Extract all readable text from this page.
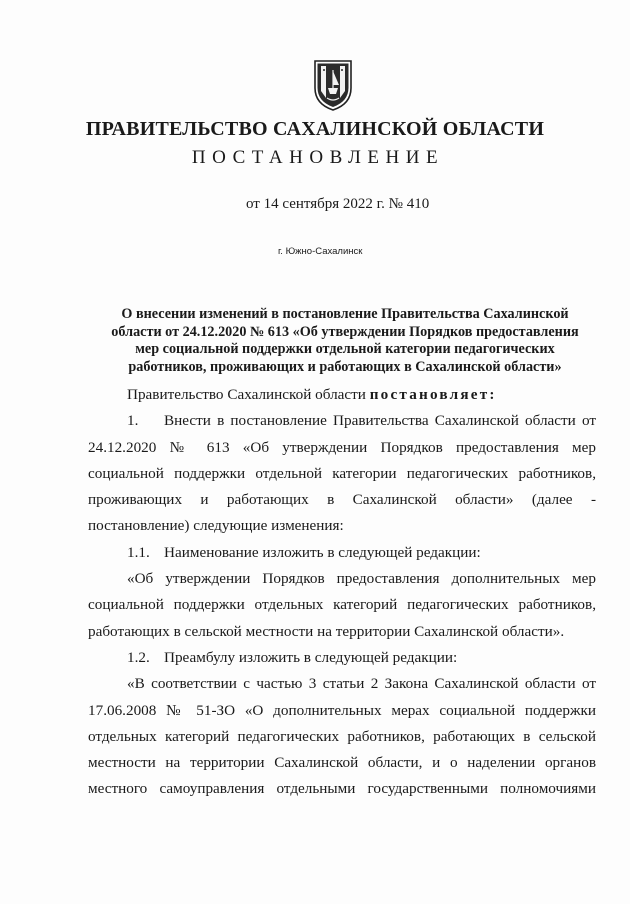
ПРАВИТЕЛЬСТВО САХАЛИНСКОЙ ОБЛАСТИ
ПОСТАНОВЛЕНИЕ
от 14 сентября 2022 г. № 410
г. Южно-Сахалинск
О внесении изменений в постановление Правительства Сахалинской
области от 24.12.2020 № 613 «Об утверждении Порядков предоставления
мер социальной поддержки отдельной категории педагогических
работников, проживающих и работающих в Сахалинской области»
Правительство Сахалинской области постановляет:
1. Внести в постановление Правительства Сахалинской области от
24.12.2020 № 613 «Об утверждении Порядков предоставления мер
социальной поддержки отдельной категории педагогических работников,
проживающих и работающих в Сахалинской области» (далее -
постановление) следующие изменения:
1.1. Наименование изложить в следующей редакции:
«Об утверждении Порядков предоставления дополнительных мер
социальной поддержки отдельных категорий педагогических работников,
работающих в сельской местности на территории Сахалинской области».
1.2. Преамбулу изложить в следующей редакции:
«В соответствии с частью 3 статьи 2 Закона Сахалинской области от
17.06.2008 № 51-ЗО «О дополнительных мерах социальной поддержки
отдельных категорий педагогических работников, работающих в сельской
местности на территории Сахалинской области, и о наделении органов
местного самоуправления отдельными государственными полномочиями
